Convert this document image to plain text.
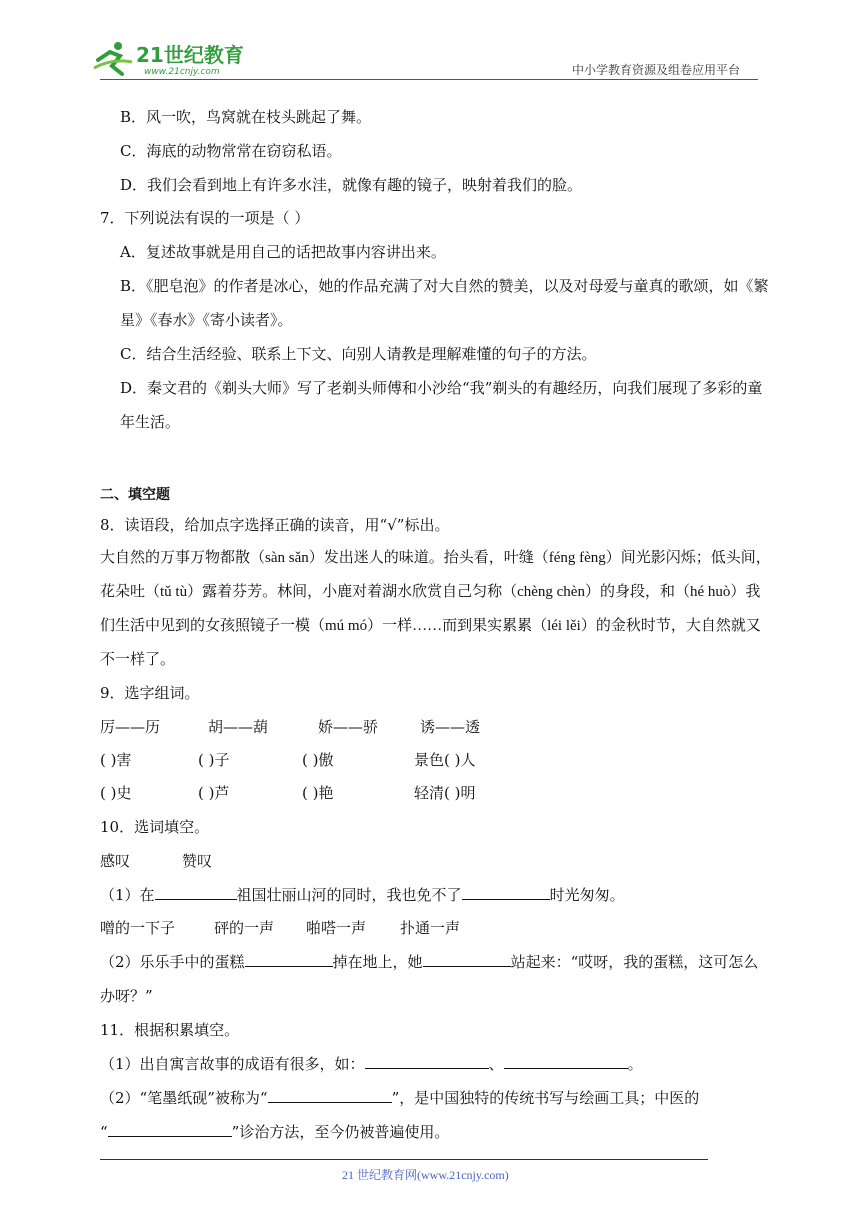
21世纪教育
www.21cnjy.com	中小学教育资源及组卷应用平台
B．风一吹，鸟窝就在枝头跳起了舞。
C．海底的动物常常在窃窃私语。
D．我们会看到地上有许多水洼，就像有趣的镜子，映射着我们的脸。
7．下列说法有误的一项是（ ）
A．复述故事就是用自己的话把故事内容讲出来。
B．《肥皂泡》的作者是冰心，她的作品充满了对大自然的赞美，以及对母爱与童真的歌颂，如《繁
星》《春水》《寄小读者》。
C．结合生活经验、联系上下文、向别人请教是理解难懂的句子的方法。
D．秦文君的《剃头大师》写了老剃头师傅和小沙给“我”剃头的有趣经历，向我们展现了多彩的童
年生活。
二、填空题
8．读语段，给加点字选择正确的读音，用“√”标出。
大自然的万事万物都散（sàn sǎn）发出迷人的味道。抬头看，叶缝（féng fèng）间光影闪烁；低头间，
花朵吐（tǔ tù）露着芬芳。林间，小鹿对着湖水欣赏自己匀称（chèng chèn）的身段，和（hé huò）我
们生活中见到的女孩照镜子一模（mú mó）一样……而到果实累累（léi lěi）的金秋时节，大自然就又
不一样了。
9．选字组词。
厉——历	胡——葫	娇——骄	诱——透
( )害	( )子	( )傲	景色( )人
( )史	( )芦	( )艳	轻清( )明
10．选词填空。
感叹	赞叹
（1）在	祖国壮丽山河的同时，我也免不了	时光匆匆。
噌的一下子	砰的一声 啪嗒一声 扑通一声
（2）乐乐手中的蛋糕	掉在地上，她	站起来：“哎呀，我的蛋糕，这可怎么
办呀？”
11．根据积累填空。
（1）出自寓言故事的成语有很多，如：	、	。
（2）“笔墨纸砚”被称为“	”，是中国独特的传统书写与绘画工具；中医的
“	”诊治方法，至今仍被普遍使用。
21 世纪教育网(www.21cnjy.com)
